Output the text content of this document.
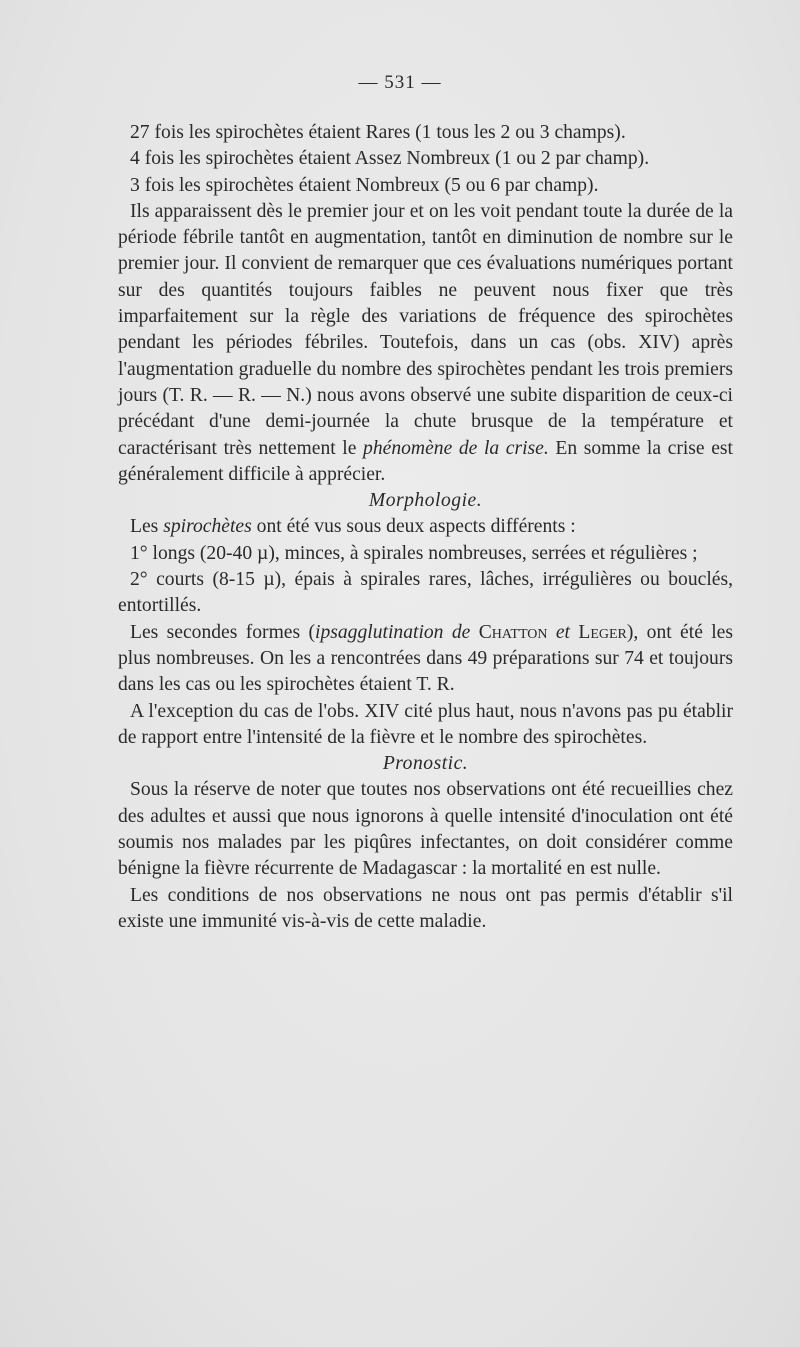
— 531 —

27 fois les spirochètes étaient Rares (1 tous les 2 ou 3 champs).

4 fois les spirochètes étaient Assez Nombreux (1 ou 2 par champ).

3 fois les spirochètes étaient Nombreux (5 ou 6 par champ).

Ils apparaissent dès le premier jour et on les voit pendant toute la durée de la période fébrile tantôt en augmentation, tantôt en diminution de nombre sur le premier jour. Il convient de remarquer que ces évaluations numériques portant sur des quantités toujours faibles ne peuvent nous fixer que très imparfaitement sur la règle des variations de fréquence des spirochètes pendant les périodes fébriles. Toutefois, dans un cas (obs. XIV) après l'augmentation graduelle du nombre des spirochètes pendant les trois premiers jours (T. R. — R. — N.) nous avons observé une subite disparition de ceux-ci précédant d'une demi-journée la chute brusque de la température et caractérisant très nettement le phénomène de la crise. En somme la crise est généralement difficile à apprécier.

Morphologie.

Les spirochètes ont été vus sous deux aspects différents :

1° longs (20-40 µ), minces, à spirales nombreuses, serrées et régulières ;

2° courts (8-15 µ), épais à spirales rares, lâches, irrégulières ou bouclés, entortillés.

Les secondes formes (ipsagglutination de Chatton et Leger), ont été les plus nombreuses. On les a rencontrées dans 49 préparations sur 74 et toujours dans les cas ou les spirochètes étaient T. R.

A l'exception du cas de l'obs. XIV cité plus haut, nous n'avons pas pu établir de rapport entre l'intensité de la fièvre et le nombre des spirochètes.

Pronostic.

Sous la réserve de noter que toutes nos observations ont été recueillies chez des adultes et aussi que nous ignorons à quelle intensité d'inoculation ont été soumis nos malades par les piqûres infectantes, on doit considérer comme bénigne la fièvre récurrente de Madagascar : la mortalité en est nulle.

Les conditions de nos observations ne nous ont pas permis d'établir s'il existe une immunité vis-à-vis de cette maladie.
